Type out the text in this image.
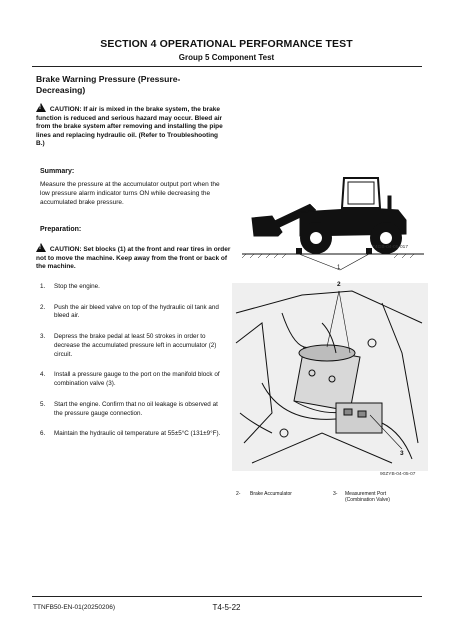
SECTION 4 OPERATIONAL PERFORMANCE TEST
Group 5 Component Test
Brake Warning Pressure (Pressure-Decreasing)
! CAUTION: If air is mixed in the brake system, the brake function is reduced and serious hazard may occur. Bleed air from the brake system after removing and installing the pipe lines and replacing hydraulic oil. (Refer to Troubleshooting B.)
Summary:
Measure the pressure at the accumulator output port when the low pressure alarm indicator turns ON while decreasing the accumulated brake pressure.
Preparation:
! CAUTION: Set blocks (1) at the front and rear tires in order not to move the machine. Keep away from the front or back of the machine.
1.	Stop the engine.
2.	Push the air bleed valve on top of the hydraulic oil tank and bleed air.
3.	Depress the brake pedal at least 50 strokes in order to decrease the accumulated pressure left in accumulator (2) circuit.
4.	Install a pressure gauge to the port on the manifold block of combination valve (3).
5.	Start the engine. Confirm that no oil leakage is observed at the pressure gauge connection.
6.	Maintain the hydraulic oil temperature at 55±5°C (131±9°F).
T4GB-04-05-017
1
2
3
90ZYB-04-05-07
2-	Brake Accumulator	3-	Measurement Port (Combination Valve)
TTNFB50-EN-01(20250206)	T4-5-22
